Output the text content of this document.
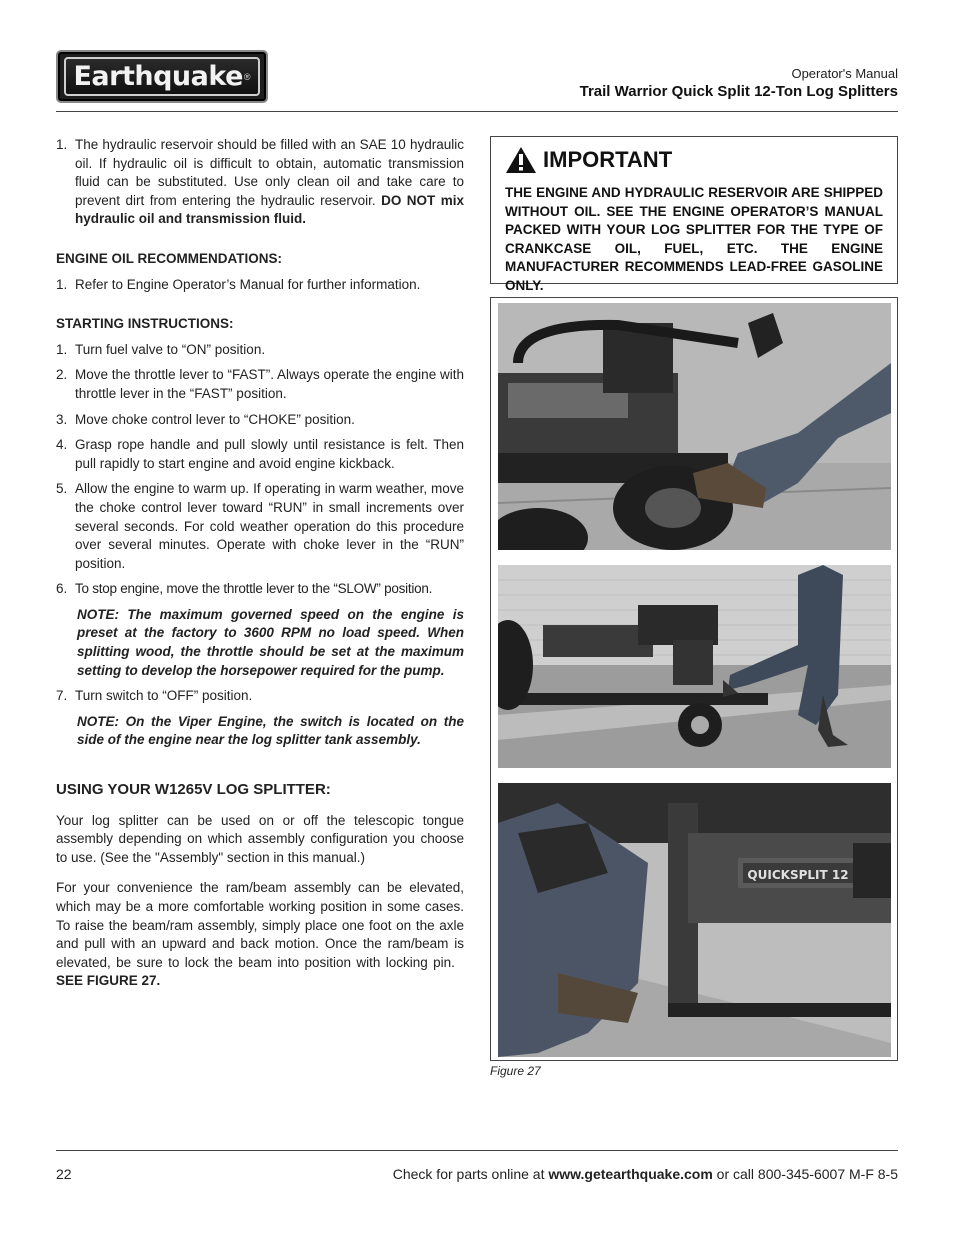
Earthquake ®	Operator's Manual
Trail Warrior Quick Split 12-Ton Log Splitters
1. The hydraulic reservoir should be filled with an SAE 10 hydraulic oil. If hydraulic oil is difficult to obtain, automatic transmission fluid can be substituted. Use only clean oil and take care to prevent dirt from entering the hydraulic reservoir. DO NOT mix hydraulic oil and transmission fluid.
ENGINE OIL RECOMMENDATIONS:
1. Refer to Engine Operator’s Manual for further information.
STARTING INSTRUCTIONS:
1. Turn fuel valve to “ON” position.
2. Move the throttle lever to “FAST”. Always operate the engine with throttle lever in the “FAST” position.
3. Move choke control lever to “CHOKE” position.
4. Grasp rope handle and pull slowly until resistance is felt. Then pull rapidly to start engine and avoid engine kickback.
5. Allow the engine to warm up. If operating in warm weather, move the choke control lever toward “RUN” in small increments over several seconds. For cold weather operation do this procedure over several minutes. Operate with choke lever in the “RUN” position.
6. To stop engine, move the throttle lever to the “SLOW” position.
NOTE: The maximum governed speed on the engine is preset at the factory to 3600 RPM no load speed. When splitting wood, the throttle should be set at the maximum setting to develop the horsepower required for the pump.
7. Turn switch to “OFF” position.
NOTE: On the Viper Engine, the switch is located on the side of the engine near the log splitter tank assembly.
USING YOUR W1265V LOG SPLITTER:
Your log splitter can be used on or off the telescopic tongue assembly depending on which assembly configuration you choose to use. (See the "Assembly" section in this manual.)
For your convenience the ram/beam assembly can be elevated, which may be a more comfortable working position in some cases. To raise the beam/ram assembly, simply place one foot on the axle and pull with an upward and back motion. Once the ram/beam is elevated, be sure to lock the beam into position with locking pin.   SEE FIGURE 27.
IMPORTANT
THE ENGINE AND HYDRAULIC RESERVOIR ARE SHIPPED WITHOUT OIL. SEE THE ENGINE OPERATOR’S MANUAL PACKED WITH YOUR LOG SPLITTER FOR THE TYPE OF CRANKCASE OIL, FUEL, ETC. THE ENGINE MANUFACTURER RECOMMENDS LEAD-FREE GASOLINE ONLY.
QUICKSPLIT 12
Figure 27
22	Check for parts online at www.getearthquake.com or call 800-345-6007 M-F 8-5
